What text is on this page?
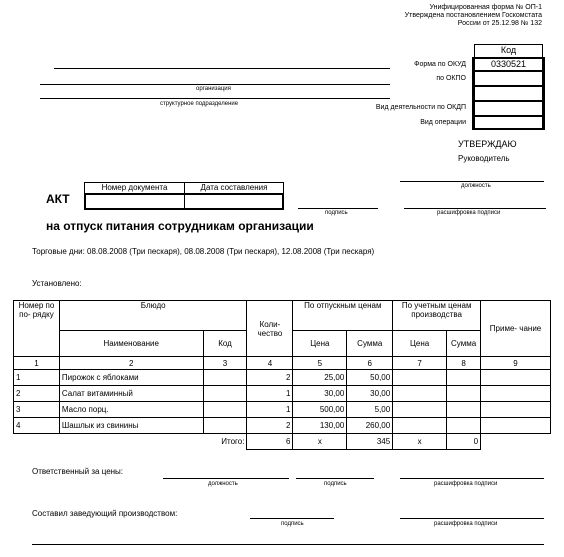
Унифицированная форма № ОП-1
Утверждена постановлением Госкомстата
России от 25.12.98 № 132
Код
0330521
Форма по ОКУД
по ОКПО
Вид деятельности по ОКДП
Вид операции
организация
структурное подразделение
УТВЕРЖДАЮ
Руководитель
должность
подпись	расшифровка подписи
АКТ
Номер документа	Дата составления
на отпуск питания сотрудникам организации
Торговые дни: 08.08.2008 (Три пескаря), 08.08.2008 (Три пескаря), 12.08.2008 (Три пескаря)
Установлено:
Номер по по- рядку	Блюдо		Коли- чество	По отпускным ценам		По учетным ценам производства		Приме- чание
	Наименование	Код		Цена	Сумма	Цена	Сумма	
1	2	3	4	5	6	7	8	9
1	Пирожок с яблоками		2	25,00	50,00			
2	Салат витаминный		1	30,00	30,00			
3	Масло порц.		1	500,00	5,00			
4	Шашлык из свинины		2	130,00	260,00			
Итого:			6	х	345	х	0	
Ответственный за цены:
должность	подпись	расшифровка подписи
Составил заведующий производством:
подпись	расшифровка подписи
